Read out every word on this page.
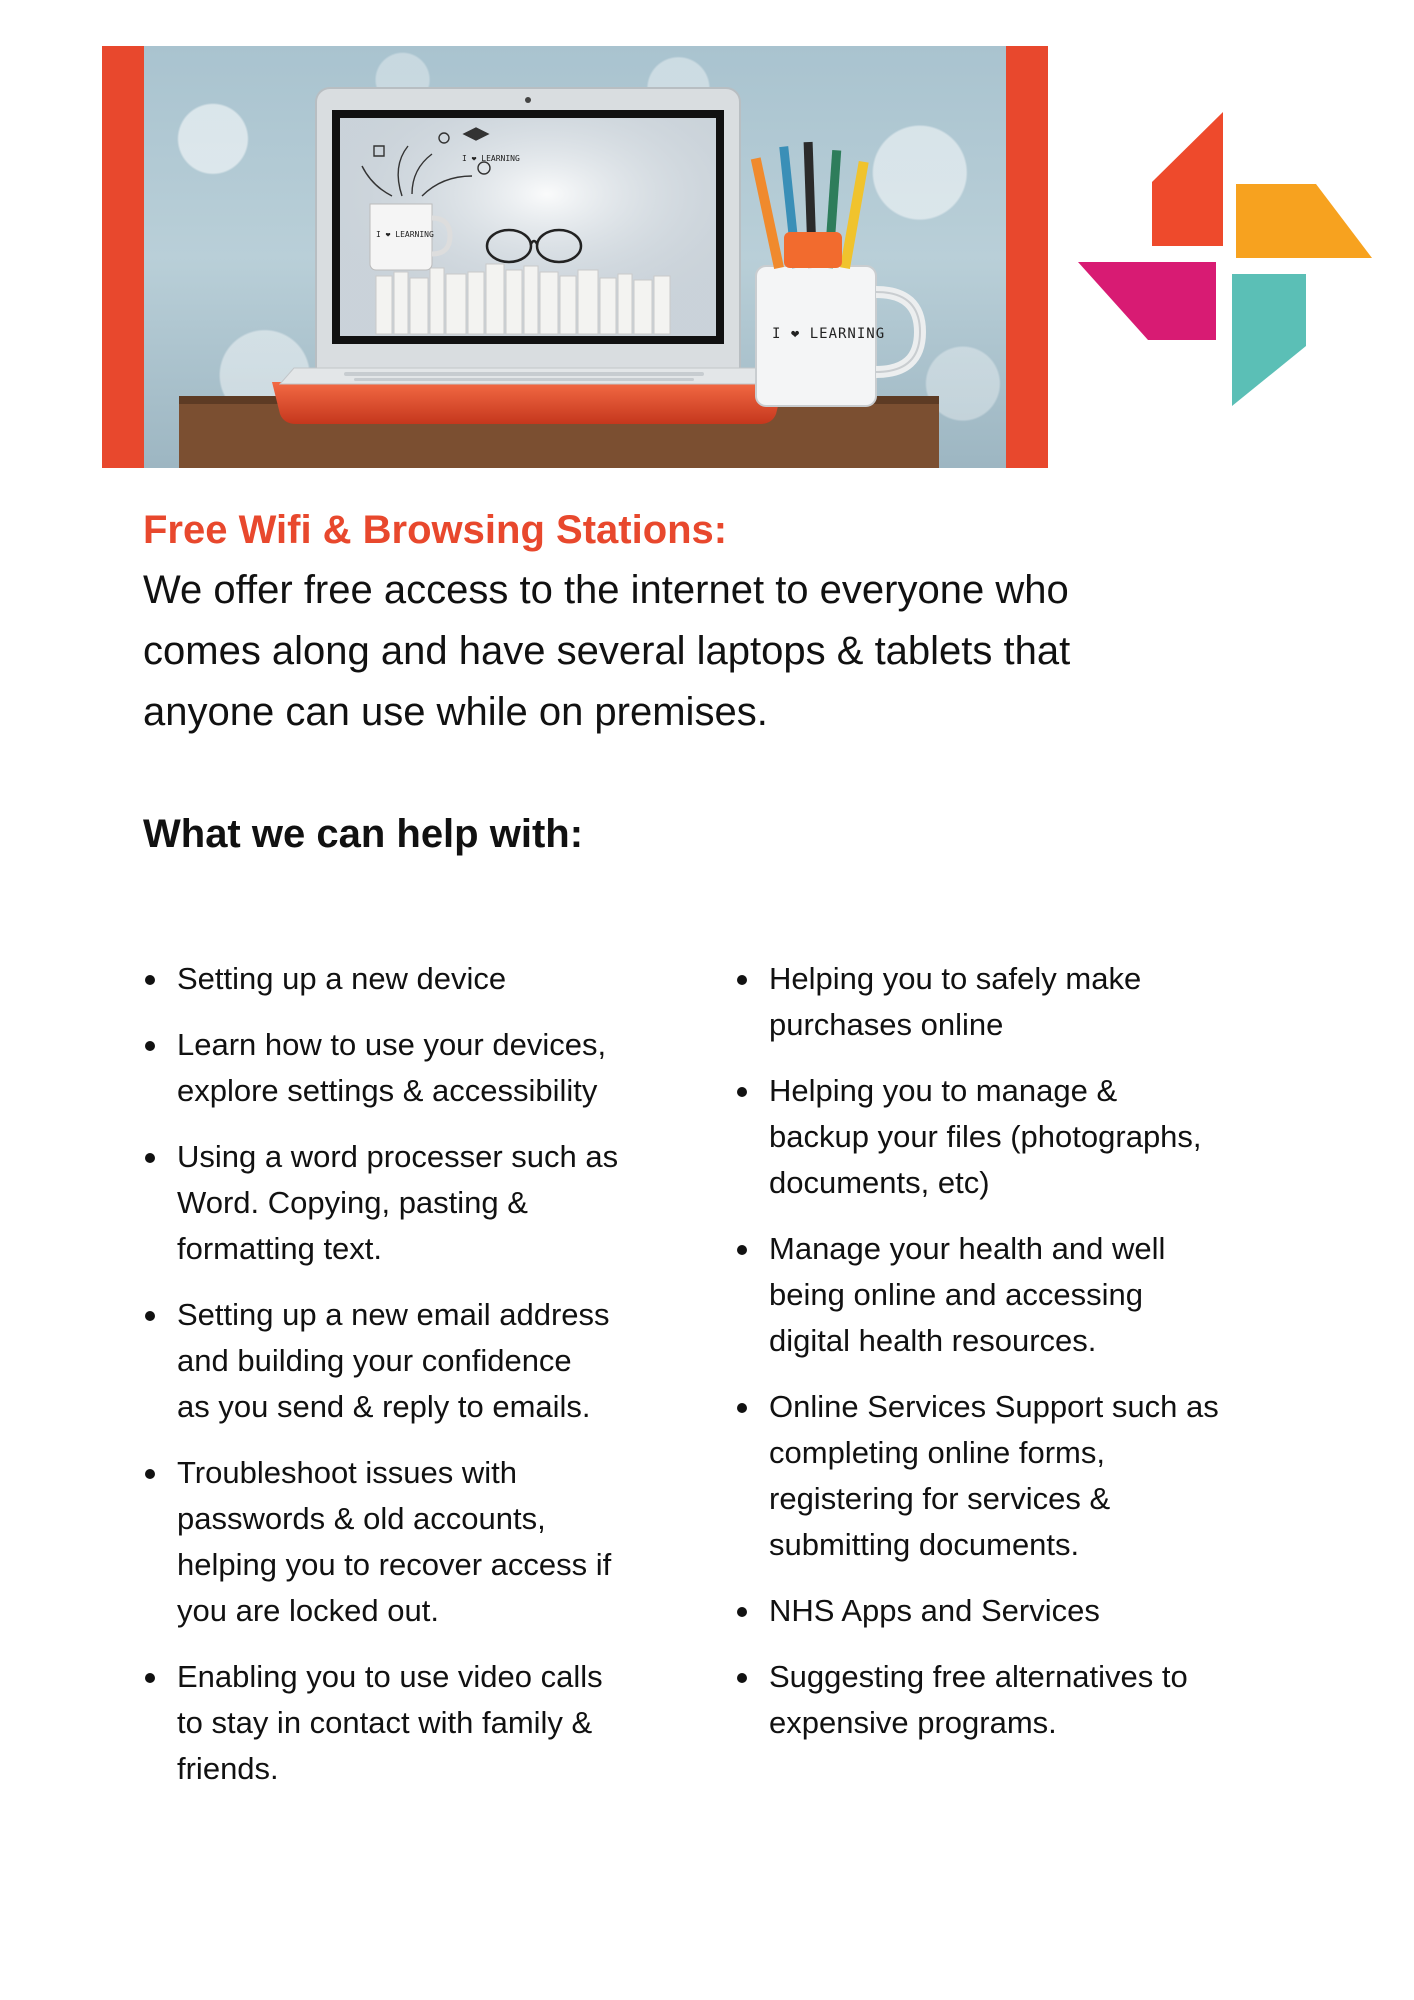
I ❤ LEARNING
I ❤ LEARNING
I ❤ LEARNING
Free Wifi & Browsing Stations:

We offer free access to the internet to everyone who
comes along and have several laptops & tablets that
anyone can use while on premises.

What we can help with:
Setting up a new device
Learn how to use your devices,
explore settings & accessibility
Using a word processer such as
Word. Copying, pasting &
formatting text.
Setting up a new email address
and building your confidence
as you send & reply to emails.
Troubleshoot issues with
passwords & old accounts,
helping you to recover access if
you are locked out.
Enabling you to use video calls
to stay in contact with family &
friends.
Helping you to safely make
purchases online
Helping you to manage &
backup your files (photographs,
documents, etc)
Manage your health and well
being online and accessing
digital health resources.
Online Services Support such as
completing online forms,
registering for services &
submitting documents.
NHS Apps and Services
Suggesting free alternatives to
expensive programs.
